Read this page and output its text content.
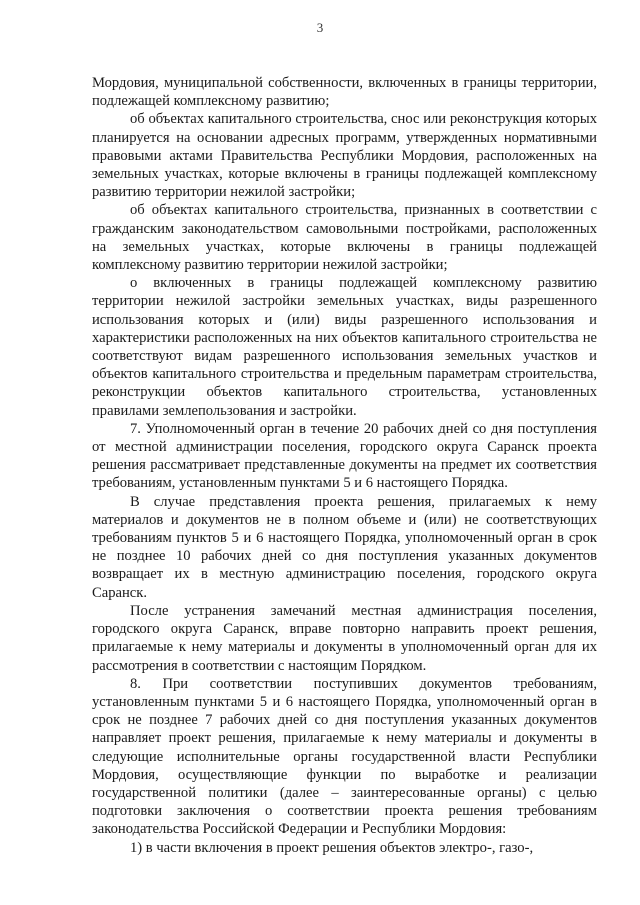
3

Мордовия, муниципальной собственности, включенных в границы территории, подлежащей комплексному развитию;

об объектах капитального строительства, снос или реконструкция которых планируется на основании адресных программ, утвержденных нормативными правовыми актами Правительства Республики Мордовия, расположенных на земельных участках, которые включены в границы подлежащей комплексному развитию территории нежилой застройки;

об объектах капитального строительства, признанных в соответствии с гражданским законодательством самовольными постройками, расположенных на земельных участках, которые включены в границы подлежащей комплексному развитию территории нежилой застройки;

о включенных в границы подлежащей комплексному развитию территории нежилой застройки земельных участках, виды разрешенного использования которых и (или) виды разрешенного использования и характеристики расположенных на них объектов капитального строительства не соответствуют видам разрешенного использования земельных участков и объектов капитального строительства и предельным параметрам строительства, реконструкции объектов капитального строительства, установленных правилами землепользования и застройки.

7. Уполномоченный орган в течение 20 рабочих дней со дня поступления от местной администрации поселения, городского округа Саранск проекта решения рассматривает представленные документы на предмет их соответствия требованиям, установленным пунктами 5 и 6 настоящего Порядка.

В случае представления проекта решения, прилагаемых к нему материалов и документов не в полном объеме и (или) не соответствующих требованиям пунктов 5 и 6 настоящего Порядка, уполномоченный орган в срок не позднее 10 рабочих дней со дня поступления указанных документов возвращает их в местную администрацию поселения, городского округа Саранск.

После устранения замечаний местная администрация поселения, городского округа Саранск, вправе повторно направить проект решения, прилагаемые к нему материалы и документы в уполномоченный орган для их рассмотрения в соответствии с настоящим Порядком.

8. При соответствии поступивших документов требованиям, установленным пунктами 5 и 6 настоящего Порядка, уполномоченный орган в срок не позднее 7 рабочих дней со дня поступления указанных документов направляет проект решения, прилагаемые к нему материалы и документы в следующие исполнительные органы государственной власти Республики Мордовия, осуществляющие функции по выработке и реализации государственной политики (далее – заинтересованные органы) с целью подготовки заключения о соответствии проекта решения требованиям законодательства Российской Федерации и Республики Мордовия:

1) в части включения в проект решения объектов электро-, газо-,
